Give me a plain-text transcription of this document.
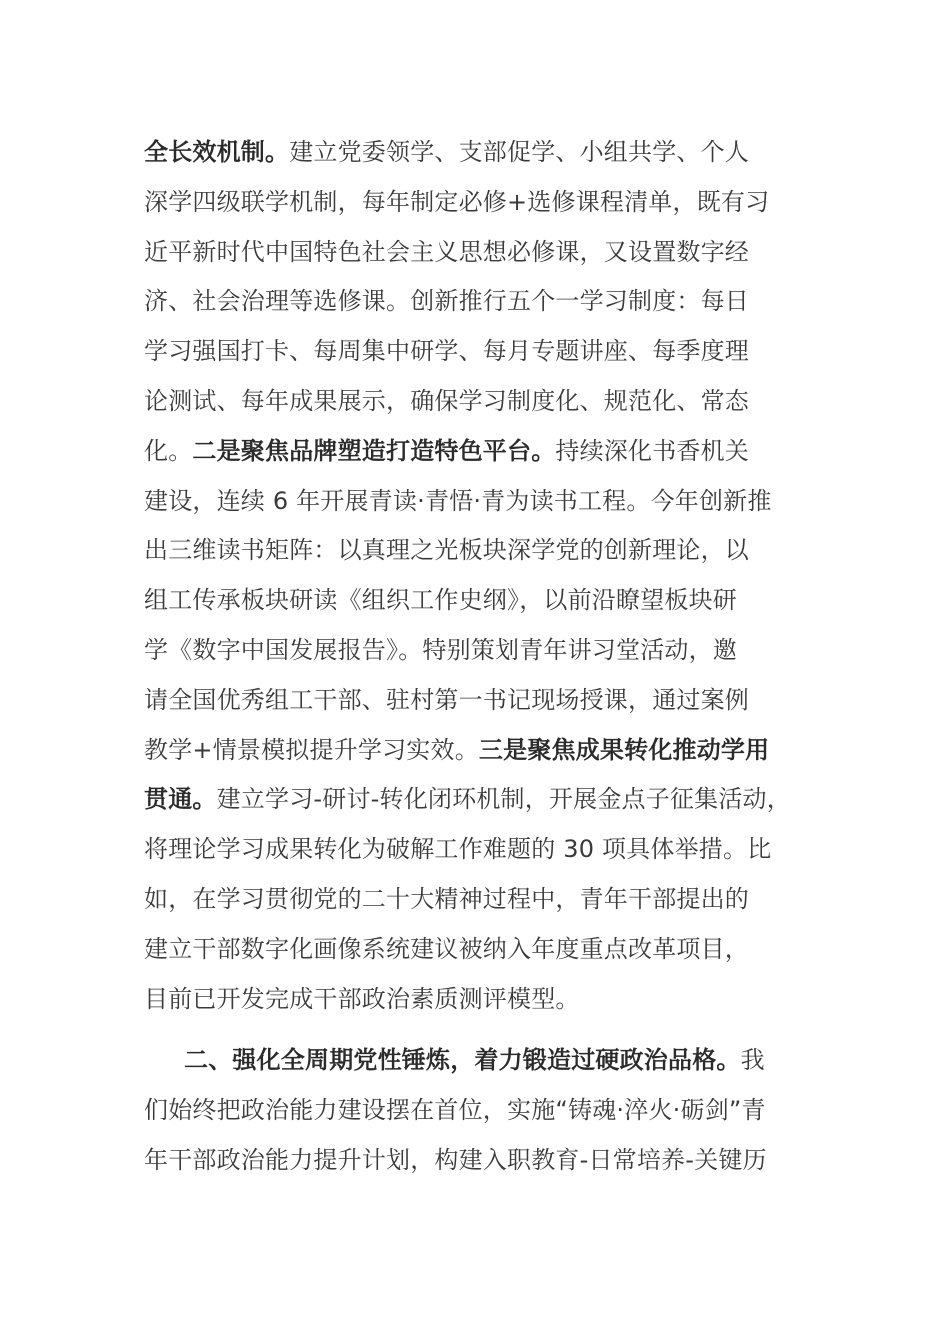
全长效机制。建立党委领学、支部促学、小组共学、个人
深学四级联学机制，每年制定必修+选修课程清单，既有习
近平新时代中国特色社会主义思想必修课，又设置数字经
济、社会治理等选修课。创新推行五个一学习制度：每日
学习强国打卡、每周集中研学、每月专题讲座、每季度理
论测试、每年成果展示，确保学习制度化、规范化、常态
化。二是聚焦品牌塑造打造特色平台。持续深化书香机关
建设，连续 6 年开展青读·青悟·青为读书工程。今年创新推
出三维读书矩阵：以真理之光板块深学党的创新理论，以
组工传承板块研读《组织工作史纲》，以前沿瞭望板块研
学《数字中国发展报告》。特别策划青年讲习堂活动，邀
请全国优秀组工干部、驻村第一书记现场授课，通过案例
教学+情景模拟提升学习实效。三是聚焦成果转化推动学用
贯通。建立学习-研讨-转化闭环机制，开展金点子征集活动，
将理论学习成果转化为破解工作难题的 30 项具体举措。比
如，在学习贯彻党的二十大精神过程中，青年干部提出的
建立干部数字化画像系统建议被纳入年度重点改革项目，
目前已开发完成干部政治素质测评模型。
二、强化全周期党性锤炼，着力锻造过硬政治品格。我
们始终把政治能力建设摆在首位，实施“铸魂·淬火·砺剑”青
年干部政治能力提升计划，构建入职教育-日常培养-关键历
